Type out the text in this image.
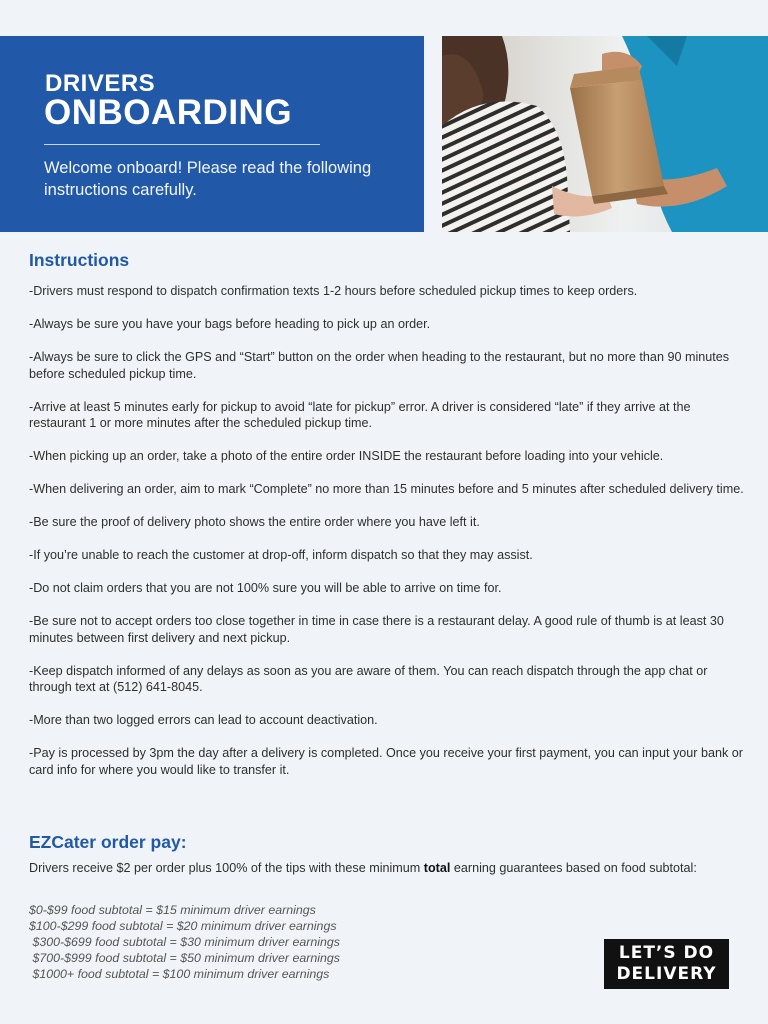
DRIVERS
ONBOARDING
Welcome onboard! Please read the following instructions carefully.
Instructions
-Drivers must respond to dispatch confirmation texts 1-2 hours before scheduled pickup times to keep orders.
-Always be sure you have your bags before heading to pick up an order.
-Always be sure to click the GPS and “Start” button on the order when heading to the restaurant, but no more than 90 minutes before scheduled pickup time.
-Arrive at least 5 minutes early for pickup to avoid “late for pickup” error. A driver is considered “late” if they arrive at the restaurant 1 or more minutes after the scheduled pickup time.
-When picking up an order, take a photo of the entire order INSIDE the restaurant before loading into your vehicle.
-When delivering an order, aim to mark “Complete” no more than 15 minutes before and 5 minutes after scheduled delivery time.
-Be sure the proof of delivery photo shows the entire order where you have left it.
-If you’re unable to reach the customer at drop-off, inform dispatch so that they may assist.
-Do not claim orders that you are not 100% sure you will be able to arrive on time for.
-Be sure not to accept orders too close together in time in case there is a restaurant delay. A good rule of thumb is at least 30 minutes between first delivery and next pickup.
-Keep dispatch informed of any delays as soon as you are aware of them. You can reach dispatch through the app chat or through text at (512) 641-8045.
-More than two logged errors can lead to account deactivation.
-Pay is processed by 3pm the day after a delivery is completed. Once you receive your first payment, you can input your bank or card info for where you would like to transfer it.
EZCater order pay:
Drivers receive $2 per order plus 100% of the tips with these minimum total earning guarantees based on food subtotal:
$0-$99 food subtotal = $15 minimum driver earnings
$100-$299 food subtotal = $20 minimum driver earnings
$300-$699 food subtotal = $30 minimum driver earnings
$700-$999 food subtotal = $50 minimum driver earnings
$1000+ food subtotal = $100 minimum driver earnings
LET’S DO
DELIVERY
